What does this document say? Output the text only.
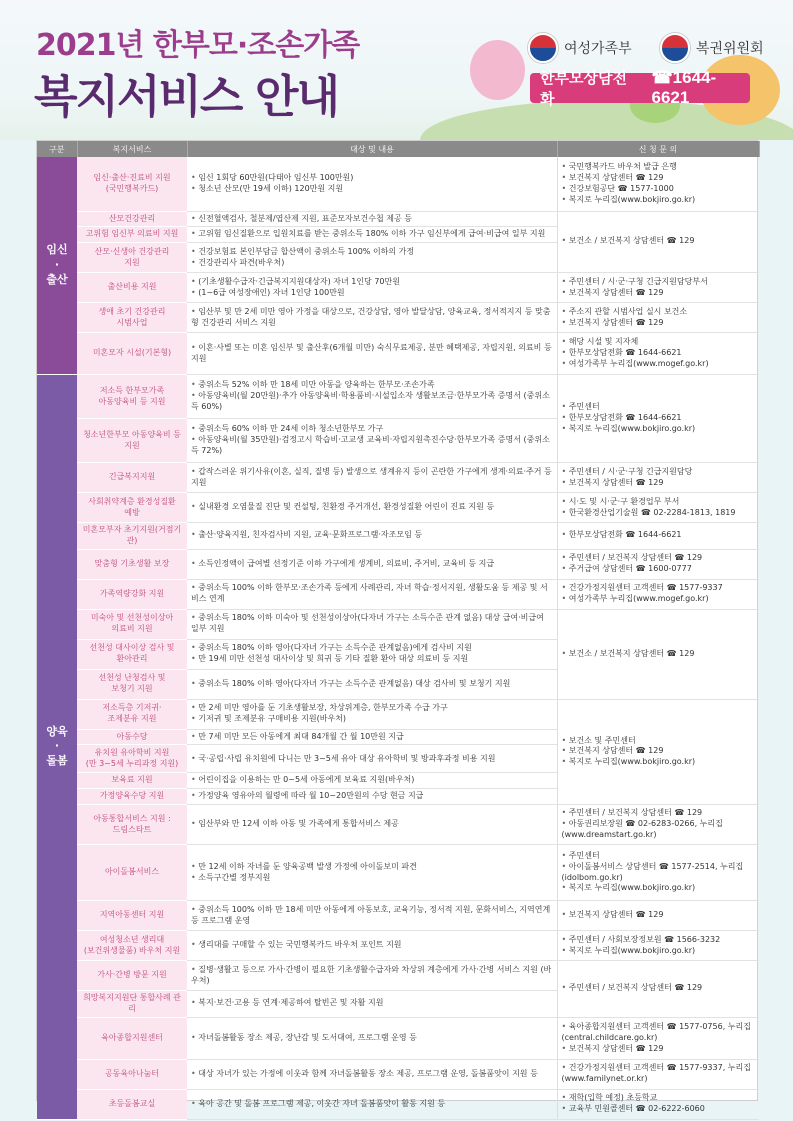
2021년 한부모·조손가족
복지서비스 안내
여성가족부	복권위원회
한부모상담전화
☎1644-6621
구분	복지서비스	대상 및 내용	신 청 문 의
임신
·
출산	임신·출산·진료비 지원
(국민행복카드)	• 임신 1회당 60만원(다태아 임신부 100만원)
• 청소년 산모(만 19세 이하) 120만원 지원	• 국민행복카드 바우처 발급 은행
• 보건복지 상담센터 ☎ 129
• 건강보험공단 ☎ 1577-1000
• 복지로 누리집(www.bokjiro.go.kr)

	산모건강관리	• 신전혈액검사, 철분제/엽산제 지원, 표준모자보건수첩 제공 등	• 보건소 / 보건복지 상담센터 ☎ 129

	고위험 임신부 의료비 지원	• 고위험 임신질환으로 입원치료를 받는 중위소득 180% 이하 가구 임신부에게 급여·비급여 일부 지원

	산모·신생아 건강관리
지원	• 건강보험료 본인부담금 합산액이 중위소득 100% 이하의 가정
• 건강관리사 파견(바우처)

	출산비용 지원	• (기초생활수급자·긴급복지지원대상자) 자녀 1인당 70만원
• (1~6급 여성장애인) 자녀 1인당 100만원	• 주민센터 / 시·군·구청 긴급지원담당부서
• 보건복지 상담센터 ☎ 129

	생애 초기 건강관리
시범사업	• 임산부 및 만 2세 미만 영아 가정을 대상으로, 건강상담, 영아 발달상담, 양육교육, 정서적지지 등 맞춤형 건강관리 서비스 지원	• 주소지 관할 시범사업 실시 보건소
• 보건복지 상담센터 ☎ 129

	미혼모자 시설(기본형)	• 이혼·사별 또는 미혼 임신부 및 출산후(6개월 미만) 숙식무료제공, 분만 혜택제공, 자립지원, 의료비 등 지원	• 해당 시설 및 지자체
• 한부모상담전화 ☎ 1644-6621
• 여성가족부 누리집(www.mogef.go.kr)

양육
·
돌봄	저소득 한부모가족
아동양육비 등 지원	• 중위소득 52% 이하 만 18세 미만 아동을 양육하는 한부모·조손가족
• 아동양육비(월 20만원)·추가 아동양육비·학용품비·시설입소자 생활보조금·한부모가족 증명서 (중위소득 60%)	• 주민센터
• 한부모상담전화 ☎ 1644-6621
• 복지로 누리집(www.bokjiro.go.kr)

	청소년한부모 아동양육비 등
지원	• 중위소득 60% 이하 만 24세 이하 청소년한부모 가구
• 아동양육비(월 35만원)·검정고시 학습비·고교생 교육비·자립지원촉진수당·한부모가족 증명서 (중위소득 72%)

	긴급복지지원	• 갑작스러운 위기사유(이혼, 실직, 질병 등) 발생으로 생계유지 등이 곤란한 가구에게 생계·의료·주거 등 지원	• 주민센터 / 시·군·구청 긴급지원담당
• 보건복지 상담센터 ☎ 129

	사회취약계층 환경성질환
예방	• 실내환경 오염물질 진단 및 컨설팅, 친환경 주거개선, 환경성질환 어린이 진료 지원 등	• 시·도 및 시·군·구 환경업무 부서
• 한국환경산업기술원 ☎ 02-2284-1813, 1819

	미혼모부자 초기지원(거점기관)	• 출산·양육지원, 친자검사비 지원, 교육·문화프로그램·자조모임 등	• 한부모상담전화 ☎ 1644-6621

	맞춤형 기초생활 보장	• 소득인정액이 급여별 선정기준 이하 가구에게 생계비, 의료비, 주거비, 교육비 등 지급	• 주민센터 / 보건복지 상담센터 ☎ 129
• 주거급여 상담센터 ☎ 1600-0777

	가족역량강화 지원	• 중위소득 100% 이하 한부모·조손가족 등에게 사례관리, 자녀 학습·정서지원, 생활도움 등 제공 및 서비스 연계	• 건강가정지원센터 고객센터 ☎ 1577-9337
• 여성가족부 누리집(www.mogef.go.kr)

	미숙아 및 선천성이상아
의료비 지원	• 중위소득 180% 이하 미숙아 및 선천성이상아(다자녀 가구는 소득수준 관계 없음) 대상 급여·비급여 일부 지원	• 보건소 / 보건복지 상담센터 ☎ 129

	선천성 대사이상 검사 및
환아관리	• 중위소득 180% 이하 영아(다자녀 가구는 소득수준 관계없음)에게 검사비 지원
• 만 19세 미만 선천성 대사이상 및 희귀 등 기타 질환 환아 대상 의료비 등 지원

	선천성 난청검사 및
보청기 지원	• 중위소득 180% 이하 영아(다자녀 가구는 소득수준 관계없음) 대상 검사비 및 보청기 지원

	저소득층 기저귀·
조제분유 지원	• 만 2세 미만 영아를 둔 기초생활보장, 차상위계층, 한부모가족 수급 가구
• 기저귀 및 조제분유 구매비용 지원(바우처)	• 보건소 및 주민센터
• 보건복지 상담센터 ☎ 129
• 복지로 누리집(www.bokjiro.go.kr)

	아동수당	• 만 7세 미만 모든 아동에게 최대 84개월 간 월 10만원 지급

	유치원 유아학비 지원
(만 3~5세 누리과정 지원)	• 국·공립·사립 유치원에 다니는 만 3~5세 유아 대상 유아학비 및 방과후과정 비용 지원

	보육료 지원	• 어린이집을 이용하는 만 0~5세 아동에게 보육료 지원(바우처)

	가정양육수당 지원	• 가정양육 영유아의 월령에 따라 월 10~20만원의 수당 현금 지급

	아동통합서비스 지원 :
드림스타트	• 임산부와 만 12세 이하 아동 및 가족에게 통합서비스 제공	• 주민센터 / 보건복지 상담센터 ☎ 129
• 아동권리보장원 ☎ 02-6283-0266, 누리집(www.dreamstart.go.kr)

	아이돌봄서비스	• 만 12세 이하 자녀를 둔 양육공백 발생 가정에 아이돌보미 파견
• 소득구간별 정부지원	• 주민센터
• 아이돌봄서비스 상담센터 ☎ 1577-2514, 누리집(idolbom.go.kr)
• 복지로 누리집(www.bokjiro.go.kr)

	지역아동센터 지원	• 중위소득 100% 이하 만 18세 미만 아동에게 아동보호, 교육기능, 정서적 지원, 문화서비스, 지역연계 등 프로그램 운영	• 보건복지 상담센터 ☎ 129

	여성청소년 생리대
(보건위생물품) 바우처 지원	• 생리대를 구매할 수 있는 국민행복카드 바우처 포인트 지원	• 주민센터 / 사회보장정보원 ☎ 1566-3232
• 복지로 누리집(www.bokjiro.go.kr)

	가사·간병 방문 지원	• 질병·생활고 등으로 가사·간병이 필요한 기초생활수급자와 차상위 계층에게 가사·간병 서비스 지원 (바우처)	• 주민센터 / 보건복지 상담센터 ☎ 129

	희망복지지원단 통합사례 관리	• 복지·보건·고용 등 연계·제공하여 탈빈곤 및 자활 지원

	육아종합지원센터	• 자녀돌봄활동 장소 제공, 장난감 및 도서대여, 프로그램 운영 등	• 육아종합지원센터 고객센터 ☎ 1577-0756, 누리집(central.childcare.go.kr)
• 보건복지 상담센터 ☎ 129

	공동육아나눔터	• 대상 자녀가 있는 가정에 이웃과 함께 자녀돌봄활동 장소 제공, 프로그램 운영, 돌봄품앗이 지원 등	• 건강가정지원센터 고객센터 ☎ 1577-9337, 누리집(www.familynet.or.kr)

	초등돌봄교실	• 육아 공간 및 돌봄 프로그램 제공, 이웃간 자녀 돌봄품앗이 활동 지원 등	• 재학(입학 예정) 초등학교
• 교육부 민원콜센터 ☎ 02-6222-6060
